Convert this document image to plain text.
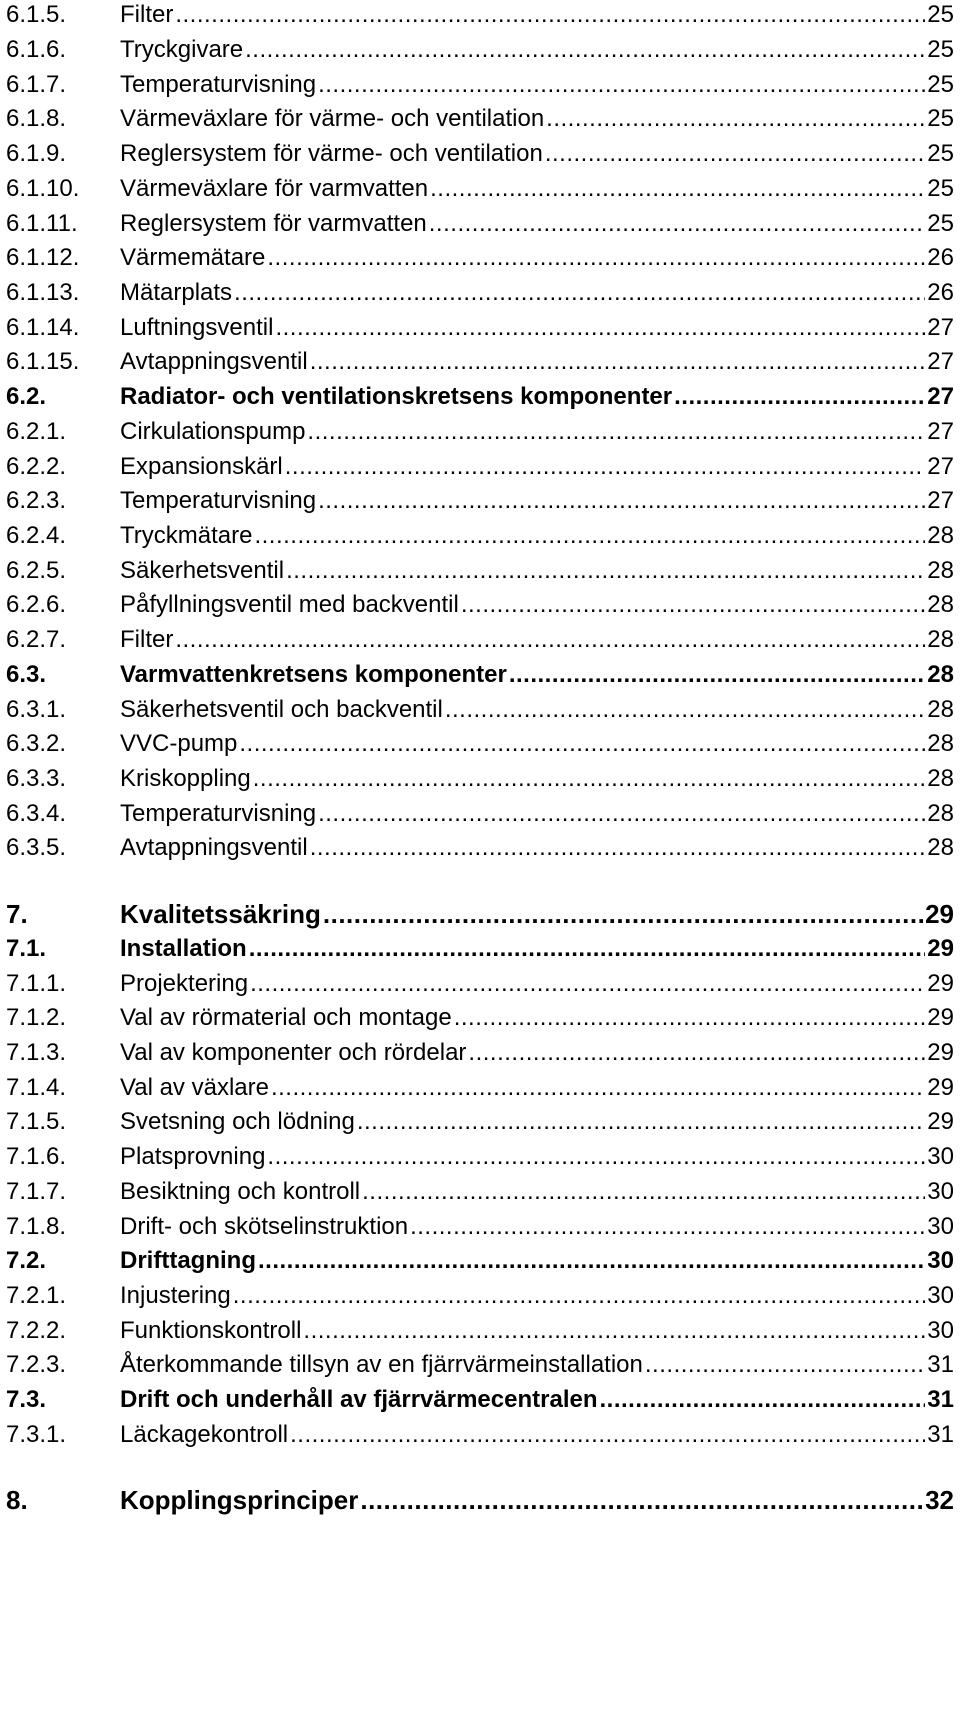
6.1.5.	Filter .....	25
6.1.6.	Tryckgivare .....	25
6.1.7.	Temperaturvisning .....	25
6.1.8.	Värmeväxlare för värme- och ventilation .....	25
6.1.9.	Reglersystem för värme- och ventilation .....	25
6.1.10.	Värmeväxlare för varmvatten .....	25
6.1.11.	Reglersystem för varmvatten .....	25
6.1.12.	Värmemätare .....	26
6.1.13.	Mätarplats .....	26
6.1.14.	Luftningsventil .....	27
6.1.15.	Avtappningsventil .....	27
6.2.	Radiator- och ventilationskretsens komponenter .....	27
6.2.1.	Cirkulationspump .....	27
6.2.2.	Expansionskärl .....	27
6.2.3.	Temperaturvisning .....	27
6.2.4.	Tryckmätare .....	28
6.2.5.	Säkerhetsventil .....	28
6.2.6.	Påfyllningsventil med backventil .....	28
6.2.7.	Filter .....	28
6.3.	Varmvattenkretsens komponenter .....	28
6.3.1.	Säkerhetsventil och backventil .....	28
6.3.2.	VVC-pump .....	28
6.3.3.	Kriskoppling .....	28
6.3.4.	Temperaturvisning .....	28
6.3.5.	Avtappningsventil .....	28
7.	Kvalitetssäkring .....	29
7.1.	Installation .....	29
7.1.1.	Projektering .....	29
7.1.2.	Val av rörmaterial och montage .....	29
7.1.3.	Val av komponenter och rördelar .....	29
7.1.4.	Val av växlare .....	29
7.1.5.	Svetsning och lödning .....	29
7.1.6.	Platsprovning .....	30
7.1.7.	Besiktning och kontroll .....	30
7.1.8.	Drift- och skötselinstruktion .....	30
7.2.	Drifttagning .....	30
7.2.1.	Injustering .....	30
7.2.2.	Funktionskontroll .....	30
7.2.3.	Återkommande tillsyn av en fjärrvärmeinstallation .....	31
7.3.	Drift och underhåll av fjärrvärmecentralen .....	31
7.3.1.	Läckagekontroll .....	31
8.	Kopplingsprinciper .....	32
